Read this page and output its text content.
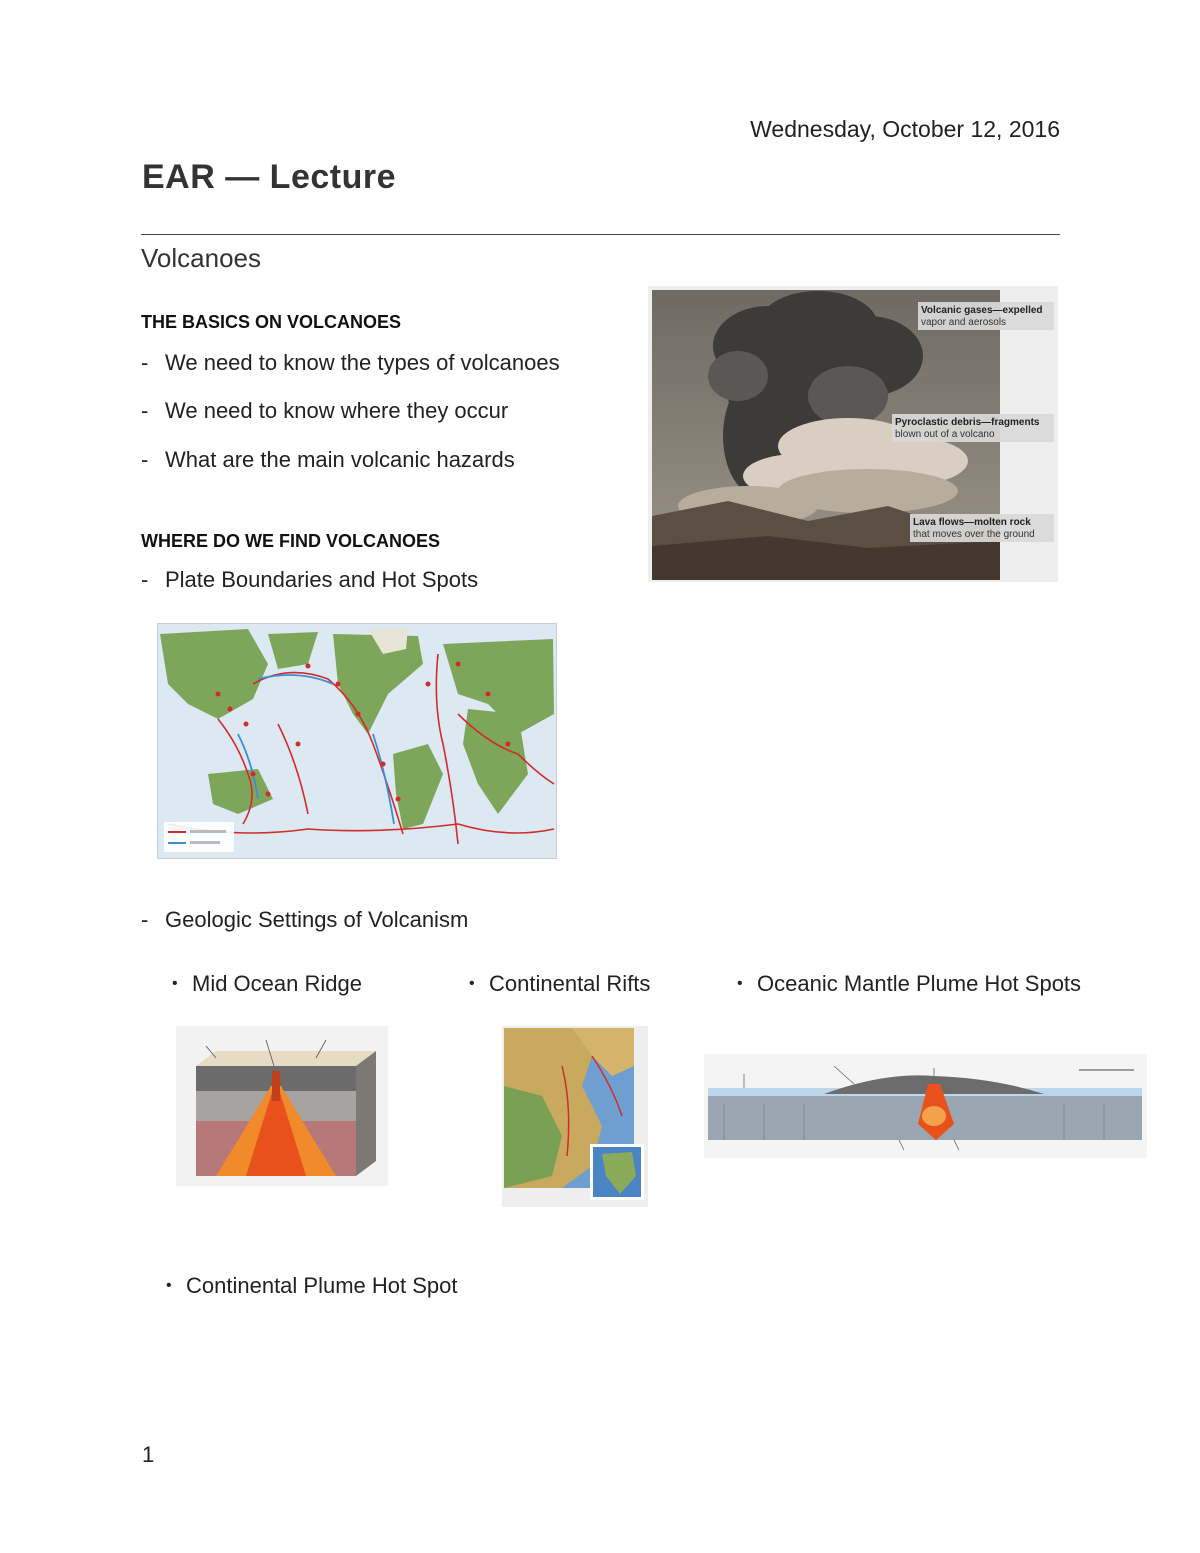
Wednesday, October 12, 2016
EAR — Lecture
Volcanoes
THE BASICS ON VOLCANOES
- We need to know the types of volcanoes
- We need to know where they occur
- What are the main volcanic hazards
WHERE DO WE FIND VOLCANOES
- Plate Boundaries and Hot Spots
Volcanic gases—expelled
vapor and aerosols
Pyroclastic debris—fragments
blown out of a volcano
Lava flows—molten rock
that moves over the ground
- Geologic Settings of Volcanism
• Mid Ocean Ridge	• Continental Rifts	• Oceanic Mantle Plume Hot Spots
• Continental Plume Hot Spot
1
